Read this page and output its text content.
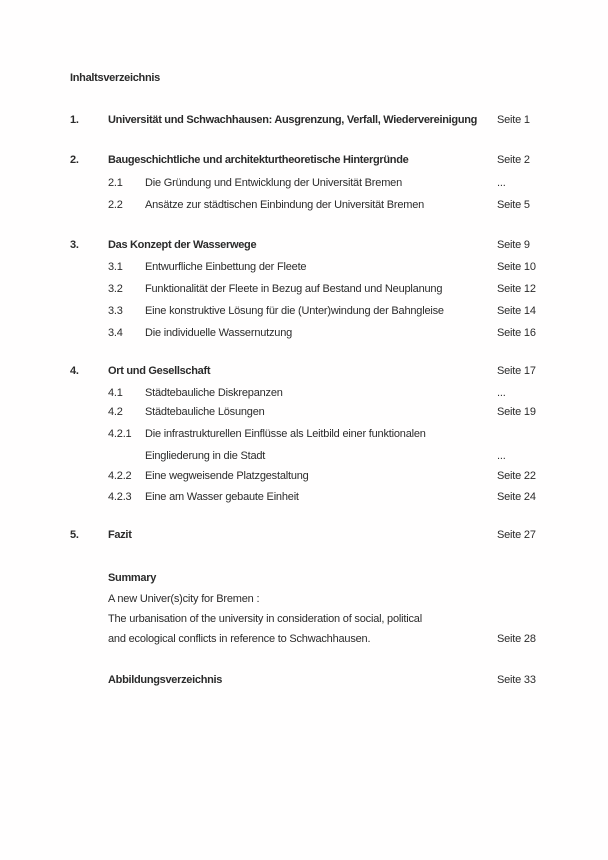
Inhaltsverzeichnis
1.	Universität und Schwachhausen: Ausgrenzung, Verfall, Wiedervereinigung Seite 1
2.	Baugeschichtliche und architekturtheoretische Hintergründe	Seite 2
2.1 Die Gründung und Entwicklung der Universität Bremen	...
2.2 Ansätze zur städtischen Einbindung der Universität Bremen	Seite 5
3.	Das Konzept der Wasserwege	Seite 9
3.1 Entwurfliche Einbettung der Fleete	Seite 10
3.2 Funktionalität der Fleete in Bezug auf Bestand und Neuplanung	Seite 12
3.3 Eine konstruktive Lösung für die (Unter)windung der Bahngleise	Seite 14
3.4 Die individuelle Wassernutzung	Seite 16
4.	Ort und Gesellschaft	Seite 17
4.1 Städtebauliche Diskrepanzen	...
4.2 Städtebauliche Lösungen	Seite 19
4.2.1 Die infrastrukturellen Einflüsse als Leitbild einer funktionalen
Eingliederung in die Stadt	...
4.2.2 Eine wegweisende Platzgestaltung	Seite 22
4.2.3 Eine am Wasser gebaute Einheit	Seite 24
5.	Fazit	Seite 27
Summary
A new Univer(s)city for Bremen :
The urbanisation of the university in consideration of social, political
and ecological conflicts in reference to Schwachhausen.	Seite 28
Abbildungsverzeichnis	Seite 33
